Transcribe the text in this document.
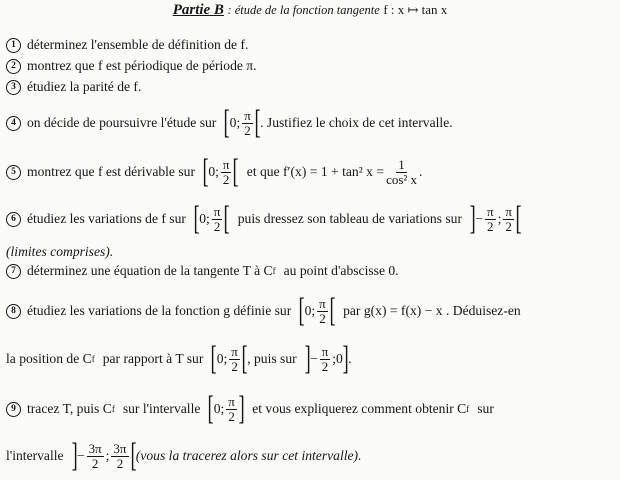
Partie B : étude de la fonction tangente f : x ↦ tan x
1 déterminez l'ensemble de définition de f.
2 montrez que f est périodique de période π.
3 étudiez la parité de f.
4 on décide de poursuivre l'étude sur [ 0; $\frac{\pi}{2}$ [ . Justifiez le choix de cet intervalle.
5 montrez que f est dérivable sur [ 0; $\frac{\pi}{2}$ [ et que f′(x) = 1 + tan² $x = \frac{1}{\text{cos² x}}$ .
6 étudiez les variations de f sur [ 0; $\frac{\pi}{2}$ [ puis dressez son tableau de variations sur ] − $\frac{\pi}{2}$ ; $\frac{\pi}{2}$ [
(limites comprises).
7 déterminez une équation de la tangente T à C f au point d'abscisse 0.
8 étudiez les variations de la fonction g définie sur [ 0; $\frac{\pi}{2}$ [ par g(x) = f(x) − x . Déduisez-en
la position de C f par rapport à T sur [ 0; $\frac{\pi}{2}$ [ , puis sur ] − $\frac{\pi}{2}$ ;0 ] .
9 tracez T, puis C f sur l'intervalle [ 0; $\frac{\pi}{2}$ ] et vous expliquerez comment obtenir C f sur
l'intervalle ] − $\frac{3\pi}{2}$ ; $\frac{3\pi}{2}$ [ (vous la tracerez alors sur cet intervalle).
